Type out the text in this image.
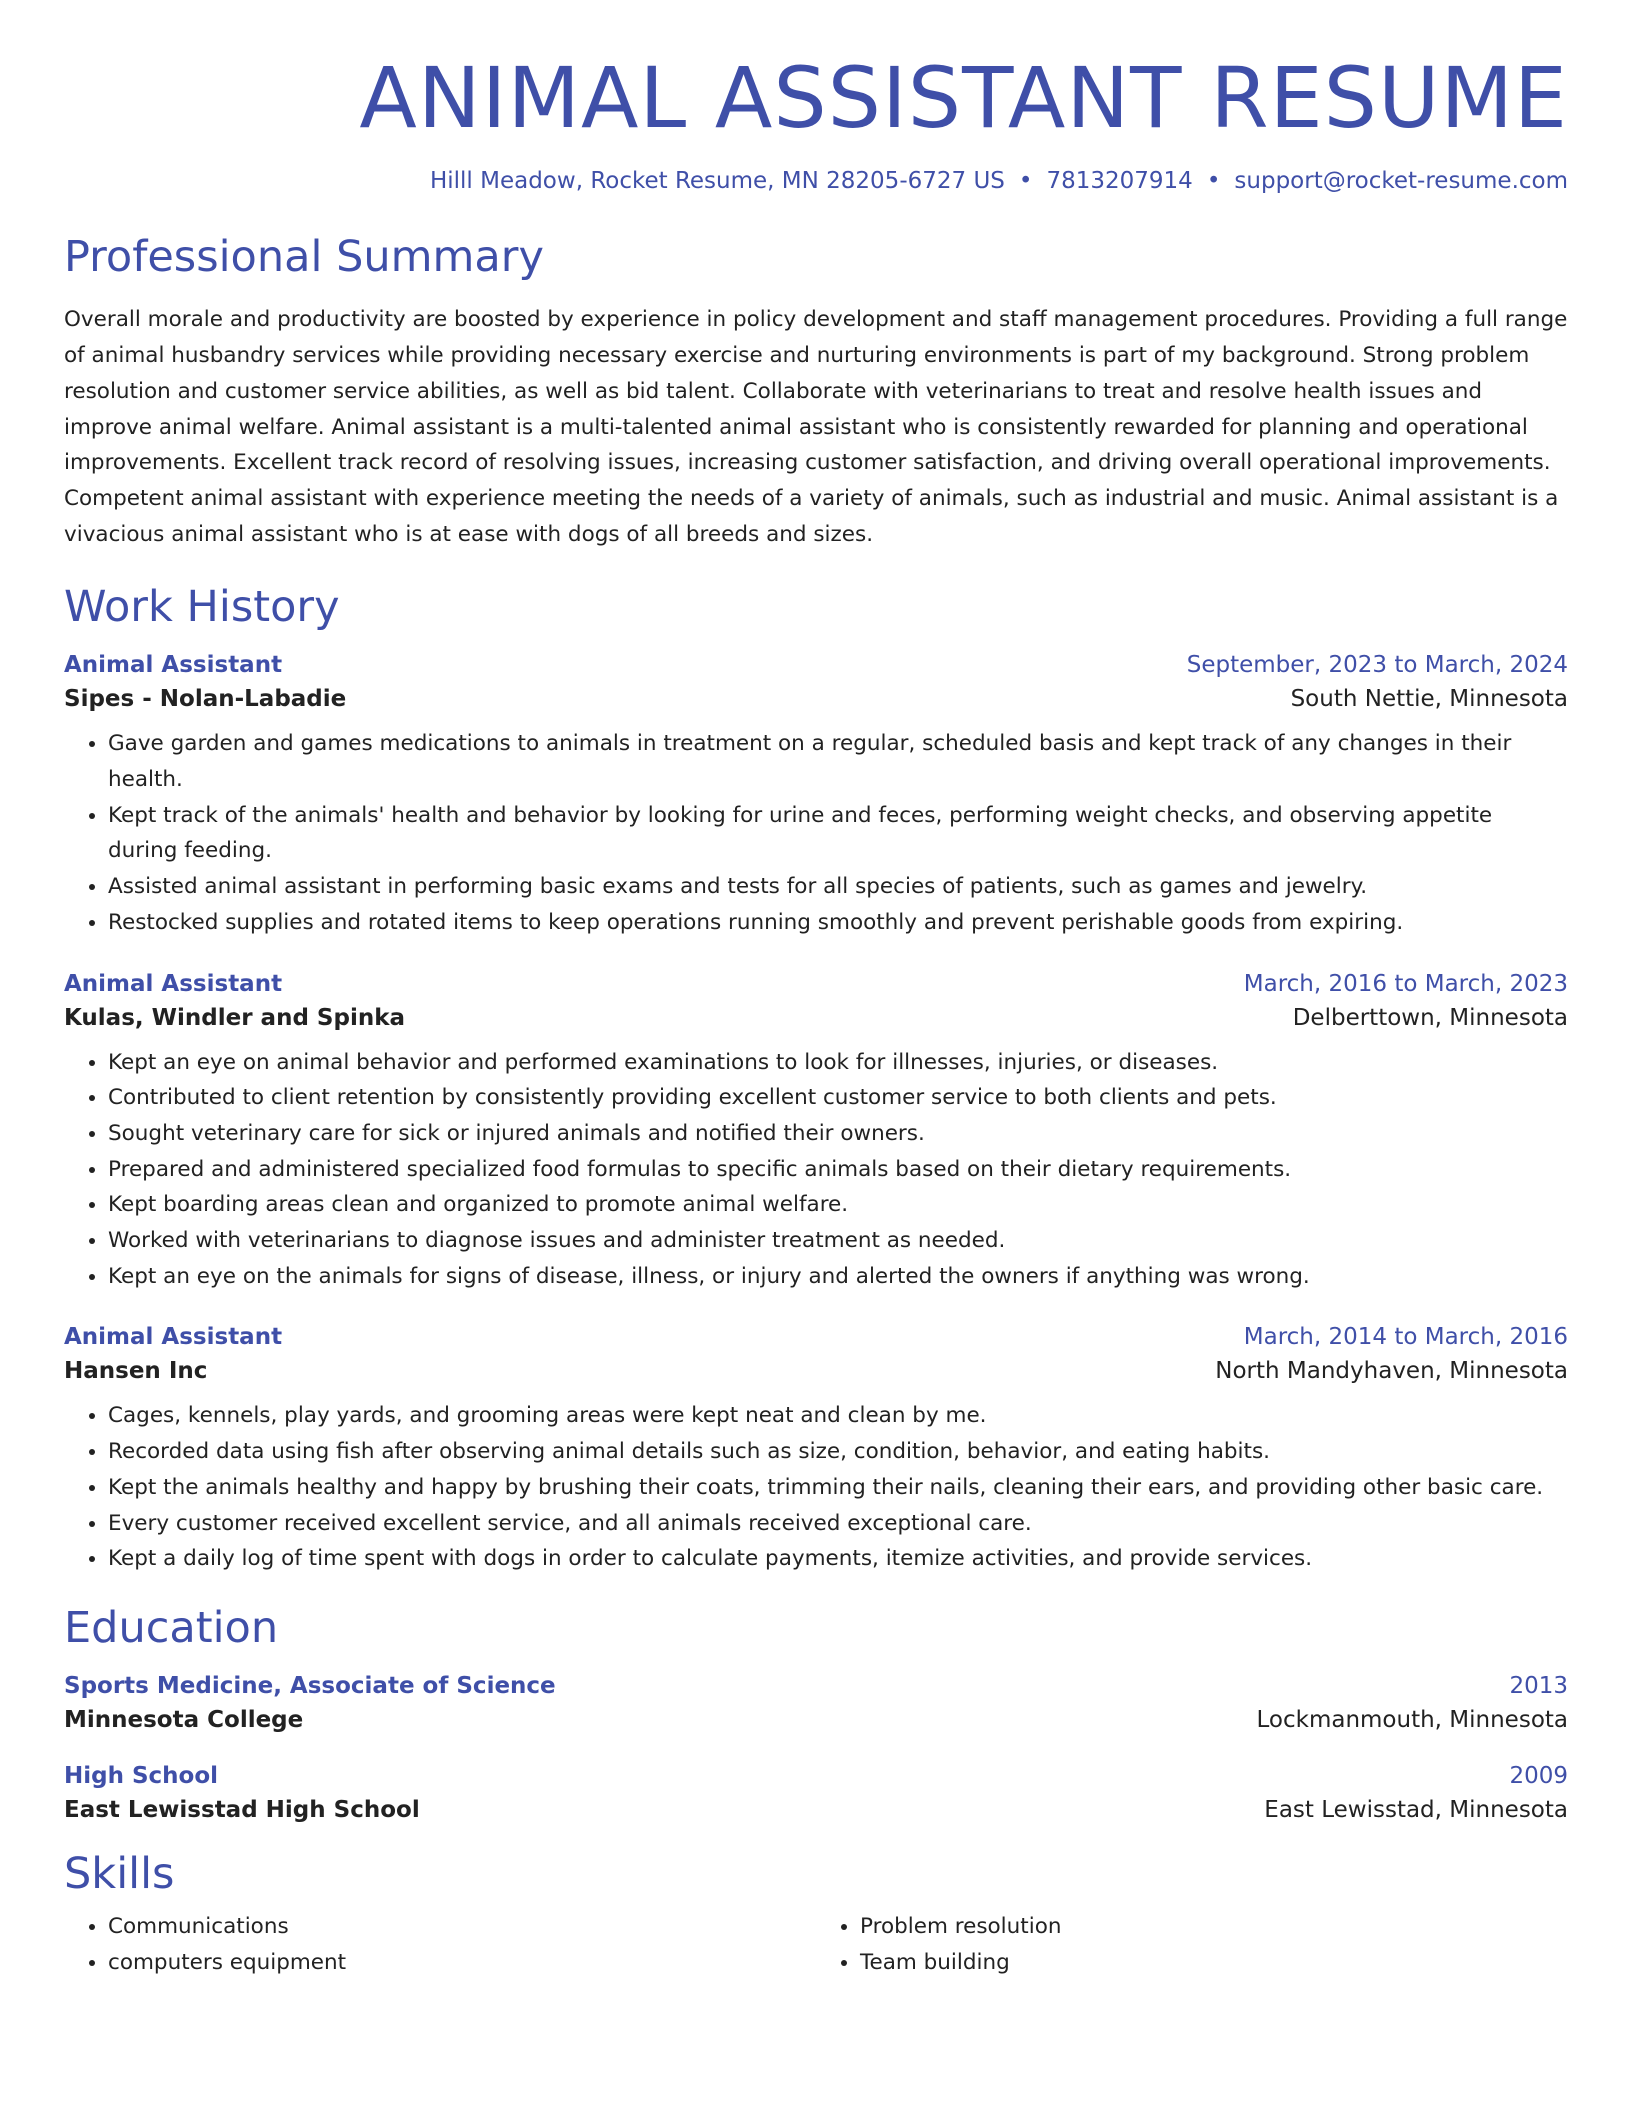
ANIMAL ASSISTANT RESUME
Hilll Meadow, Rocket Resume, MN 28205-6727 US • 7813207914 • support@rocket-resume.com
Professional Summary
Overall morale and productivity are boosted by experience in policy development and staff management procedures. Providing a full range of animal husbandry services while providing necessary exercise and nurturing environments is part of my background. Strong problem resolution and customer service abilities, as well as bid talent. Collaborate with veterinarians to treat and resolve health issues and improve animal welfare. Animal assistant is a multi-talented animal assistant who is consistently rewarded for planning and operational improvements. Excellent track record of resolving issues, increasing customer satisfaction, and driving overall operational improvements. Competent animal assistant with experience meeting the needs of a variety of animals, such as industrial and music. Animal assistant is a vivacious animal assistant who is at ease with dogs of all breeds and sizes.
Work History
Animal Assistant	September, 2023 to March, 2024
Sipes - Nolan-Labadie	South Nettie, Minnesota
• Gave garden and games medications to animals in treatment on a regular, scheduled basis and kept track of any changes in their health.
• Kept track of the animals' health and behavior by looking for urine and feces, performing weight checks, and observing appetite during feeding.
• Assisted animal assistant in performing basic exams and tests for all species of patients, such as games and jewelry.
• Restocked supplies and rotated items to keep operations running smoothly and prevent perishable goods from expiring.
Animal Assistant	March, 2016 to March, 2023
Kulas, Windler and Spinka	Delberttown, Minnesota
• Kept an eye on animal behavior and performed examinations to look for illnesses, injuries, or diseases.
• Contributed to client retention by consistently providing excellent customer service to both clients and pets.
• Sought veterinary care for sick or injured animals and notified their owners.
• Prepared and administered specialized food formulas to specific animals based on their dietary requirements.
• Kept boarding areas clean and organized to promote animal welfare.
• Worked with veterinarians to diagnose issues and administer treatment as needed.
• Kept an eye on the animals for signs of disease, illness, or injury and alerted the owners if anything was wrong.
Animal Assistant	March, 2014 to March, 2016
Hansen Inc	North Mandyhaven, Minnesota
• Cages, kennels, play yards, and grooming areas were kept neat and clean by me.
• Recorded data using fish after observing animal details such as size, condition, behavior, and eating habits.
• Kept the animals healthy and happy by brushing their coats, trimming their nails, cleaning their ears, and providing other basic care.
• Every customer received excellent service, and all animals received exceptional care.
• Kept a daily log of time spent with dogs in order to calculate payments, itemize activities, and provide services.
Education
Sports Medicine, Associate of Science	2013
Minnesota College	Lockmanmouth, Minnesota
High School	2009
East Lewisstad High School	East Lewisstad, Minnesota
Skills
• Communications
• computers equipment
• Problem resolution
• Team building
